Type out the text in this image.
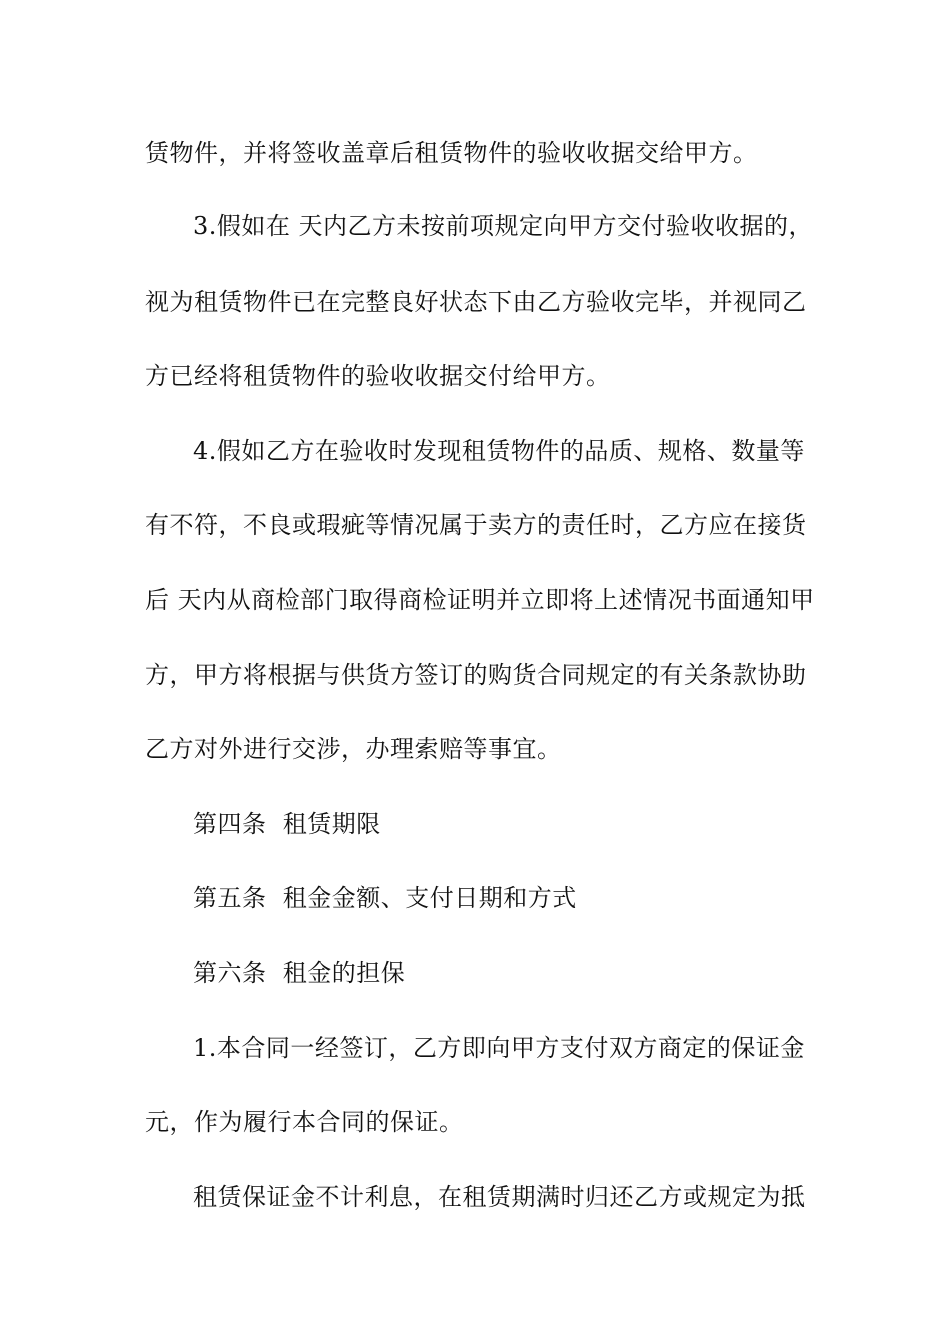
赁物件，并将签收盖章后租赁物件的验收收据交给甲方。
3.假如在 天内乙方未按前项规定向甲方交付验收收据的，
视为租赁物件已在完整良好状态下由乙方验收完毕，并视同乙
方已经将租赁物件的验收收据交付给甲方。
4.假如乙方在验收时发现租赁物件的品质、规格、数量等
有不符，不良或瑕疵等情况属于卖方的责任时，乙方应在接货
后 天内从商检部门取得商检证明并立即将上述情况书面通知甲
方，甲方将根据与供货方签订的购货合同规定的有关条款协助
乙方对外进行交涉，办理索赔等事宜。
第四条  租赁期限
第五条  租金金额、支付日期和方式
第六条  租金的担保
1.本合同一经签订，乙方即向甲方支付双方商定的保证金
元，作为履行本合同的保证。
租赁保证金不计利息，在租赁期满时归还乙方或规定为抵
